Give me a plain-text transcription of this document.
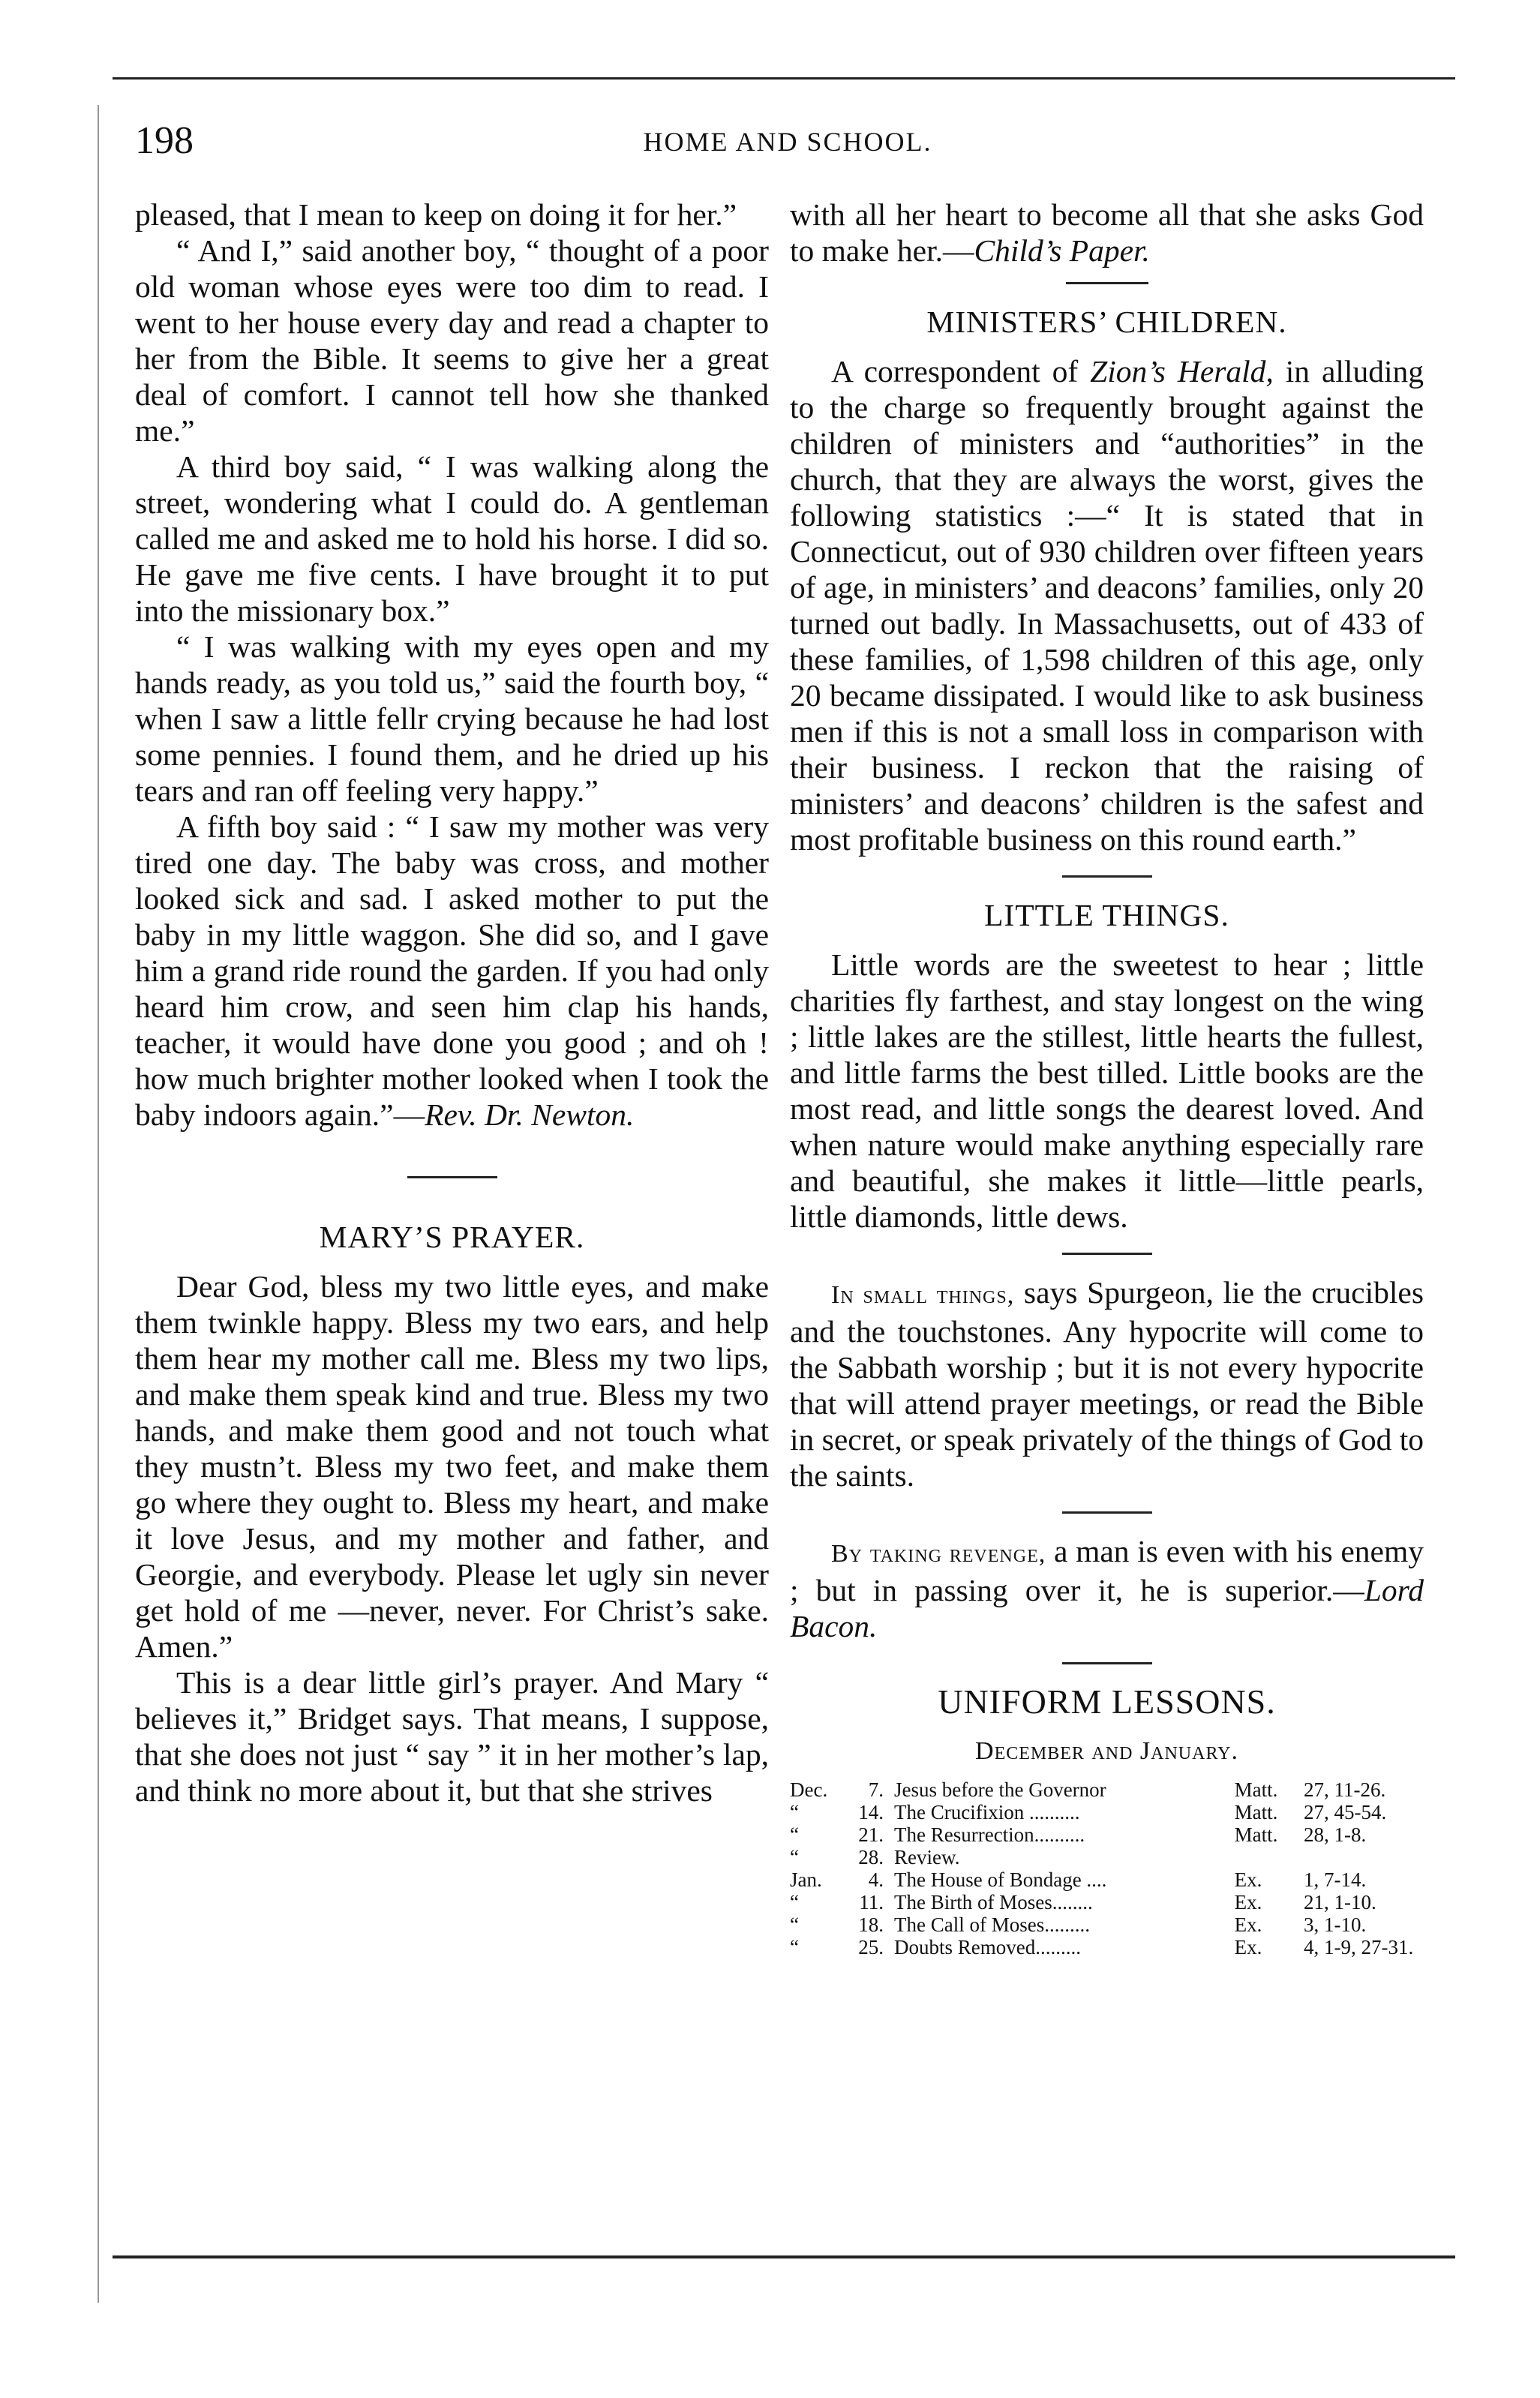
198	HOME AND SCHOOL.

pleased, that I mean to keep on doing it for her.”

“ And I,” said another boy, “ thought of a poor old woman whose eyes were too dim to read. I went to her house every day and read a chapter to her from the Bible. It seems to give her a great deal of comfort. I cannot tell how she thanked me.”

A third boy said, “ I was walking along the street, wondering what I could do. A gentleman called me and asked me to hold his horse. I did so. He gave me five cents. I have brought it to put into the missionary box.”

“ I was walking with my eyes open and my hands ready, as you told us,” said the fourth boy, “ when I saw a little fellr crying because he had lost some pennies. I found them, and he dried up his tears and ran off feeling very happy.”

A fifth boy said : “ I saw my mother was very tired one day. The baby was cross, and mother looked sick and sad. I asked mother to put the baby in my little waggon. She did so, and I gave him a grand ride round the garden. If you had only heard him crow, and seen him clap his hands, teacher, it would have done you good ; and oh ! how much brighter mother looked when I took the baby indoors again.”—Rev. Dr. Newton.

MARY’S PRAYER.

Dear God, bless my two little eyes, and make them twinkle happy. Bless my two ears, and help them hear my mother call me. Bless my two lips, and make them speak kind and true. Bless my two hands, and make them good and not touch what they mustn’t. Bless my two feet, and make them go where they ought to. Bless my heart, and make it love Jesus, and my mother and father, and Georgie, and everybody. Please let ugly sin never get hold of me —never, never. For Christ’s sake. Amen.”

This is a dear little girl’s prayer. And Mary “ believes it,” Bridget says. That means, I suppose, that she does not just “ say ” it in her mother’s lap, and think no more about it, but that she strives

with all her heart to become all that she asks God to make her.—Child’s Paper.

MINISTERS’ CHILDREN.

A correspondent of Zion’s Herald, in alluding to the charge so frequently brought against the children of ministers and “authorities” in the church, that they are always the worst, gives the following statistics :—“ It is stated that in Connecticut, out of 930 children over fifteen years of age, in ministers’ and deacons’ families, only 20 turned out badly. In Massachusetts, out of 433 of these families, of 1,598 children of this age, only 20 became dissipated. I would like to ask business men if this is not a small loss in comparison with their business. I reckon that the raising of ministers’ and deacons’ children is the safest and most profitable business on this round earth.”

LITTLE THINGS.

Little words are the sweetest to hear ; little charities fly farthest, and stay longest on the wing ; little lakes are the stillest, little hearts the fullest, and little farms the best tilled. Little books are the most read, and little songs the dearest loved. And when nature would make anything especially rare and beautiful, she makes it little—little pearls, little diamonds, little dews.

In small things, says Spurgeon, lie the crucibles and the touchstones. Any hypocrite will come to the Sabbath worship ; but it is not every hypocrite that will attend prayer meetings, or read the Bible in secret, or speak privately of the things of God to the saints.

By taking revenge, a man is even with his enemy ; but in passing over it, he is superior.—Lord Bacon.

UNIFORM LESSONS.
December and January.
Dec.	7.	Jesus before the Governor	Matt.	27, 11-26.
“	14.	The Crucifixion ..........	Matt.	27, 45-54.
“	21.	The Resurrection..........	Matt.	28, 1-8.
“	28.	Review.		
Jan.	4.	The House of Bondage ....	Ex.	1, 7-14.
“	11.	The Birth of Moses........	Ex.	21, 1-10.
“	18.	The Call of Moses.........	Ex.	3, 1-10.
“	25.	Doubts Removed.........	Ex.	4, 1-9, 27-31.
